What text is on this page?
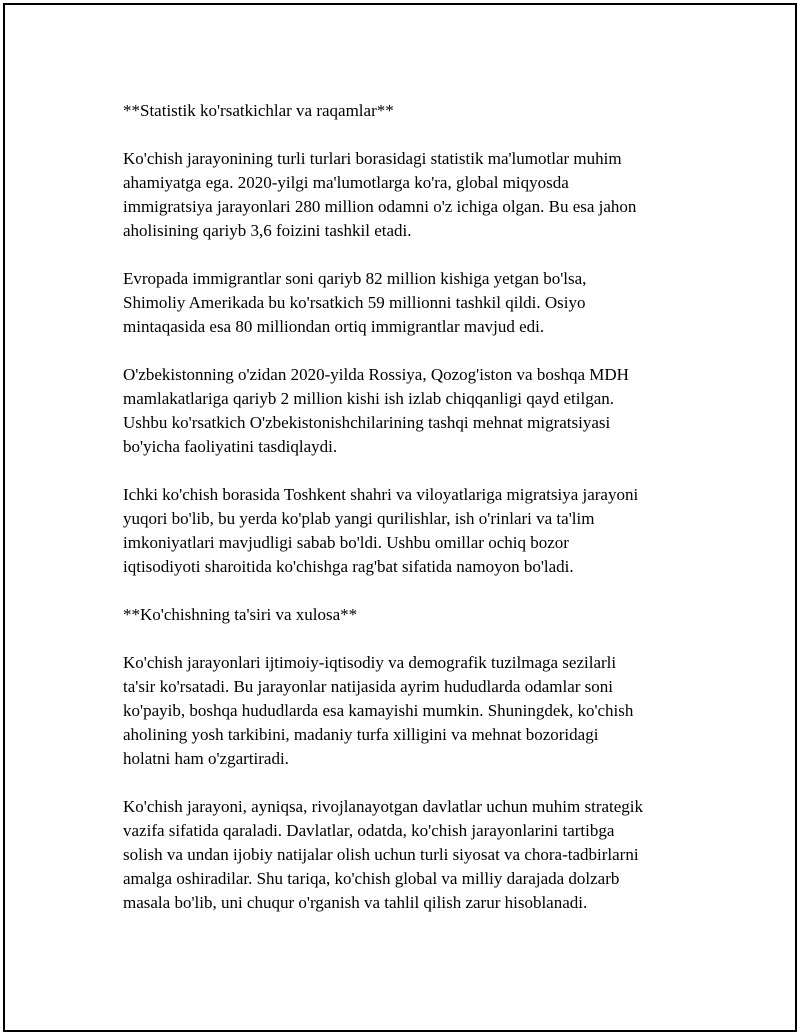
**Statistik ko'rsatkichlar va raqamlar**

Ko'chish jarayonining turli turlari borasidagi statistik ma'lumotlar muhim
ahamiyatga ega. 2020-yilgi ma'lumotlarga ko'ra, global miqyosda
immigratsiya jarayonlari 280 million odamni o'z ichiga olgan. Bu esa jahon
aholisining qariyb 3,6 foizini tashkil etadi.

Evropada immigrantlar soni qariyb 82 million kishiga yetgan bo'lsa,
Shimoliy Amerikada bu ko'rsatkich 59 millionni tashkil qildi. Osiyo
mintaqasida esa 80 milliondan ortiq immigrantlar mavjud edi.

O'zbekistonning o'zidan 2020-yilda Rossiya, Qozog'iston va boshqa MDH
mamlakatlariga qariyb 2 million kishi ish izlab chiqqanligi qayd etilgan.
Ushbu ko'rsatkich O'zbekistonishchilarining tashqi mehnat migratsiyasi
bo'yicha faoliyatini tasdiqlaydi.

Ichki ko'chish borasida Toshkent shahri va viloyatlariga migratsiya jarayoni
yuqori bo'lib, bu yerda ko'plab yangi qurilishlar, ish o'rinlari va ta'lim
imkoniyatlari mavjudligi sabab bo'ldi. Ushbu omillar ochiq bozor
iqtisodiyoti sharoitida ko'chishga rag'bat sifatida namoyon bo'ladi.

**Ko'chishning ta'siri va xulosa**

Ko'chish jarayonlari ijtimoiy-iqtisodiy va demografik tuzilmaga sezilarli
ta'sir ko'rsatadi. Bu jarayonlar natijasida ayrim hududlarda odamlar soni
ko'payib, boshqa hududlarda esa kamayishi mumkin. Shuningdek, ko'chish
aholining yosh tarkibini, madaniy turfa xilligini va mehnat bozoridagi
holatni ham o'zgartiradi.

Ko'chish jarayoni, ayniqsa, rivojlanayotgan davlatlar uchun muhim strategik
vazifa sifatida qaraladi. Davlatlar, odatda, ko'chish jarayonlarini tartibga
solish va undan ijobiy natijalar olish uchun turli siyosat va chora-tadbirlarni
amalga oshiradilar. Shu tariqa, ko'chish global va milliy darajada dolzarb
masala bo'lib, uni chuqur o'rganish va tahlil qilish zarur hisoblanadi.
